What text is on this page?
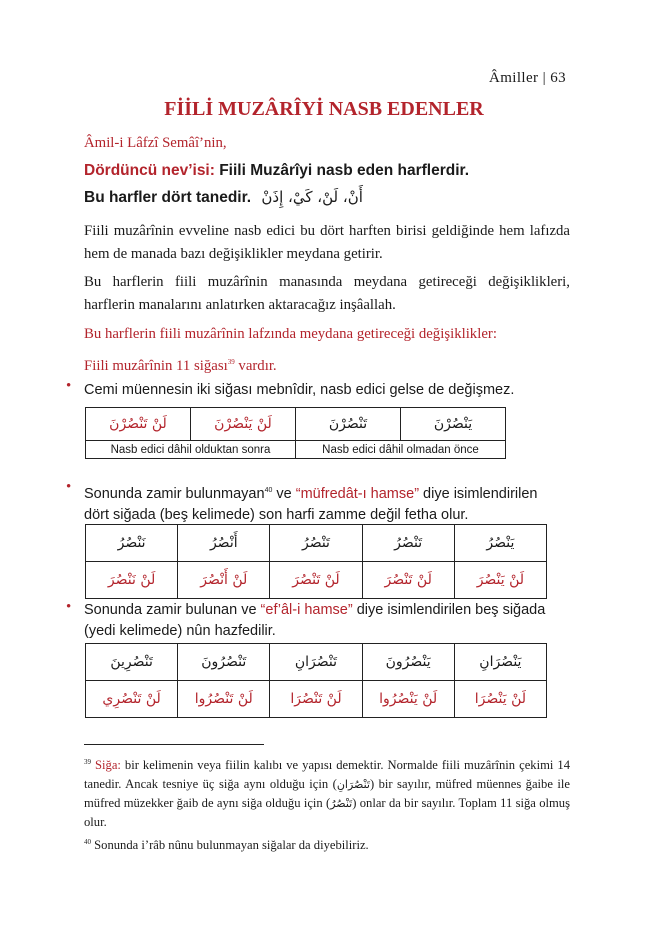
Âmiller | 63
FİİLİ MUZÂRÎYİ NASB EDENLER
Âmil-i Lâfzî Semâî’nin,
Dördüncü nev’isi: Fiili Muzârîyi nasb eden harflerdir.
Bu harfler dört tanedir. أَنْ، لَنْ، كَيْ، إِذَنْ
Fiili muzârînin evveline nasb edici bu dört harften birisi geldiğinde hem lafızda hem de manada bazı değişiklikler meydana getirir.
Bu harflerin fiili muzârînin manasında meydana getireceği değişiklikleri, harflerin manalarını anlatırken aktaracağız inşâallah.
Bu harflerin fiili muzârînin lafzında meydana getireceği değişiklikler:
Fiili muzârînin 11 siğası$^{39}$ vardır.
• Cemi müennesin iki siğası mebnîdir, nasb edici gelse de değişmez.
لَنْ تَنْصُرْنَ	لَنْ يَنْصُرْنَ	تَنْصُرْنَ	يَنْصُرْنَ
Nasb edici dâhil olduktan sonra		Nasb edici dâhil olmadan önce	
• Sonunda zamir bulunmayan$^{40}$ ve “müfredât-ı hamse” diye isimlendirilen
dört siğada (beş kelimede) son harfi zamme değil fetha olur.
نَنْصُرُ	أَنْصُرُ	تَنْصُرُ	تَنْصُرُ	يَنْصُرُ
لَنْ نَنْصُرَ	لَنْ أَنْصُرَ	لَنْ تَنْصُرَ	لَنْ تَنْصُرَ	لَنْ يَنْصُرَ
• Sonunda zamir bulunan ve “ef’âl-i hamse” diye isimlendirilen beş siğada
(yedi kelimede) nûn hazfedilir.
تَنْصُرِينَ	تَنْصُرُونَ	تَنْصُرَانِ	يَنْصُرُونَ	يَنْصُرَانِ
لَنْ تَنْصُرِي	لَنْ تَنْصُرُوا	لَنْ تَنْصُرَا	لَنْ يَنْصُرُوا	لَنْ يَنْصُرَا
$^{39}$ Siğa: bir kelimenin veya fiilin kalıbı ve yapısı demektir. Normalde fiili muzârînin çekimi 14 tanedir. Ancak tesniye üç siğa aynı olduğu için (تَنْصُرَانِ) bir sayılır, müfred müennes ğaibe ile müfred müzekker ğaib de aynı siğa olduğu için (تَنْصُرُ) onlar da bir sayılır. Toplam 11 siğa olmuş olur.
$^{40}$ Sonunda i’râb nûnu bulunmayan siğalar da diyebiliriz.
